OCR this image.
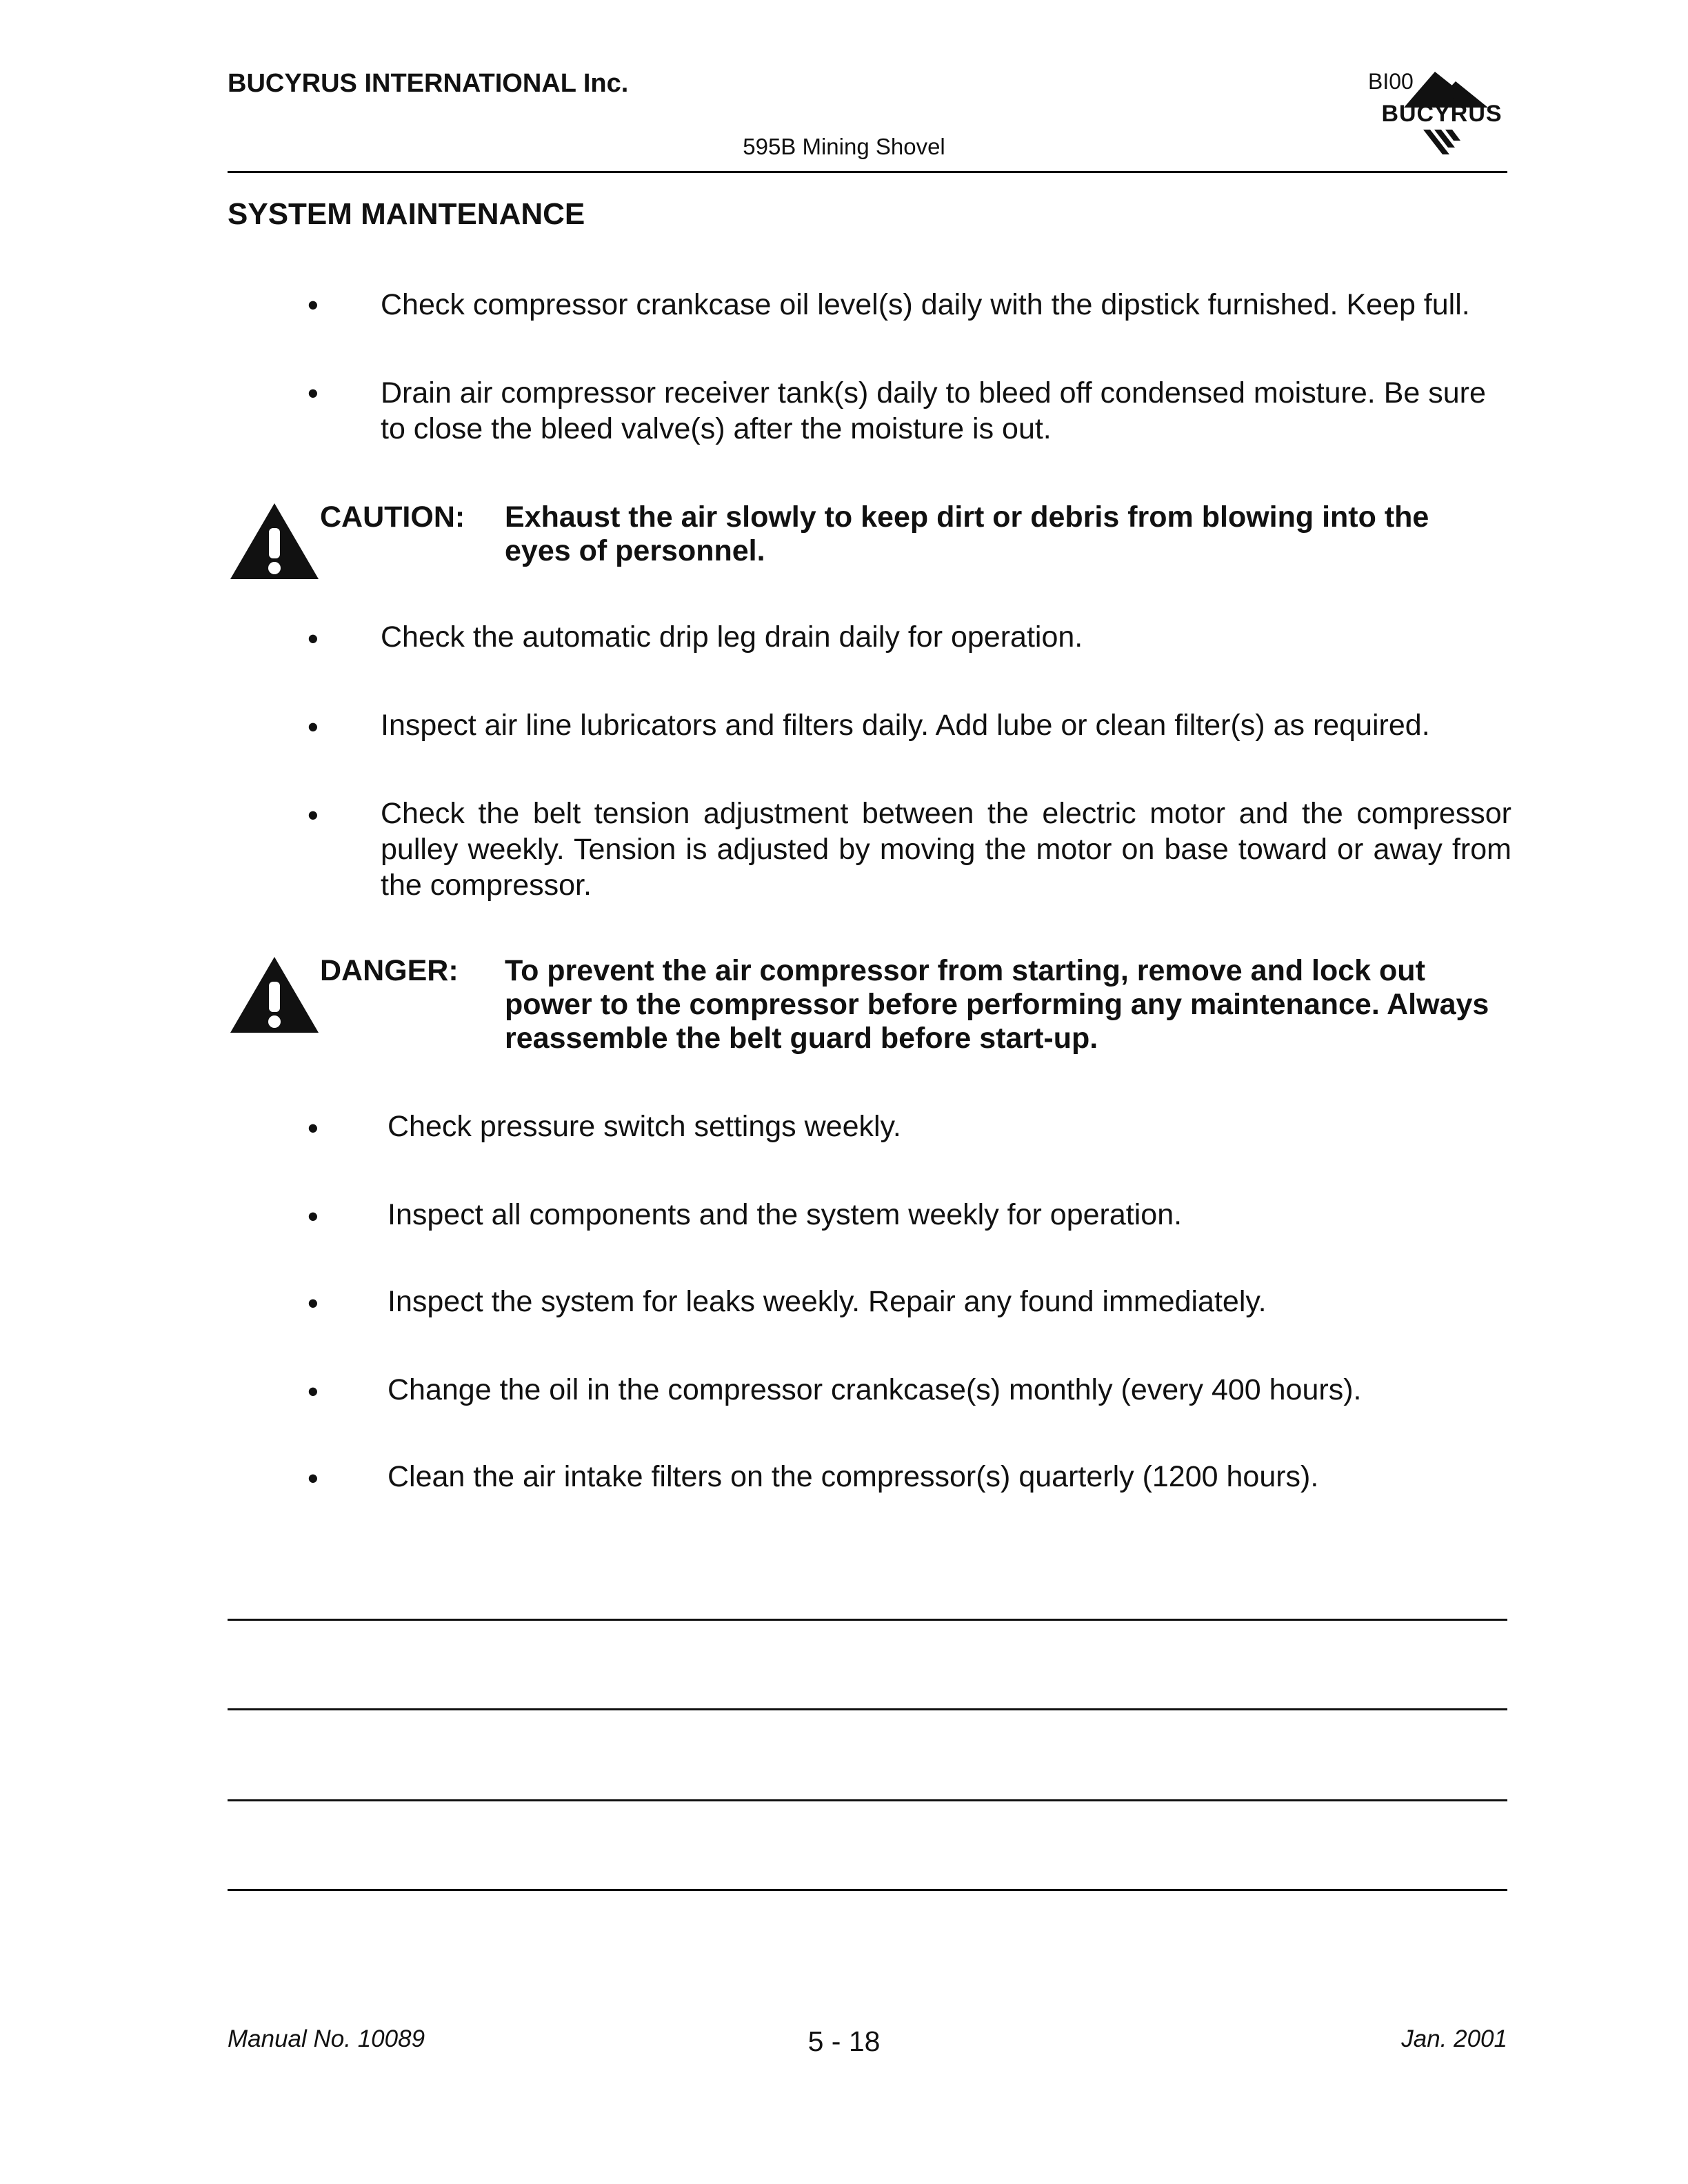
BUCYRUS INTERNATIONAL Inc.	BI00
BUCYRUS
595B Mining Shovel
SYSTEM MAINTENANCE
• Check compressor crankcase oil level(s) daily with the dipstick furnished. Keep full.
• Drain air compressor receiver tank(s) daily to bleed off condensed moisture. Be sure to close the bleed valve(s) after the moisture is out.
CAUTION: Exhaust the air slowly to keep dirt or debris from blowing into the eyes of personnel.
• Check the automatic drip leg drain daily for operation.
• Inspect air line lubricators and filters daily. Add lube or clean filter(s) as required.
• Check the belt tension adjustment between the electric motor and the compressor pulley weekly. Tension is adjusted by moving the motor on base toward or away from the compressor.
DANGER: To prevent the air compressor from starting, remove and lock out power to the compressor before performing any maintenance. Always reassemble the belt guard before start-up.
• Check pressure switch settings weekly.
• Inspect all components and the system weekly for operation.
• Inspect the system for leaks weekly. Repair any found immediately.
• Change the oil in the compressor crankcase(s) monthly (every 400 hours).
• Clean the air intake filters on the compressor(s) quarterly (1200 hours).
Manual No. 10089	5 - 18	Jan. 2001
